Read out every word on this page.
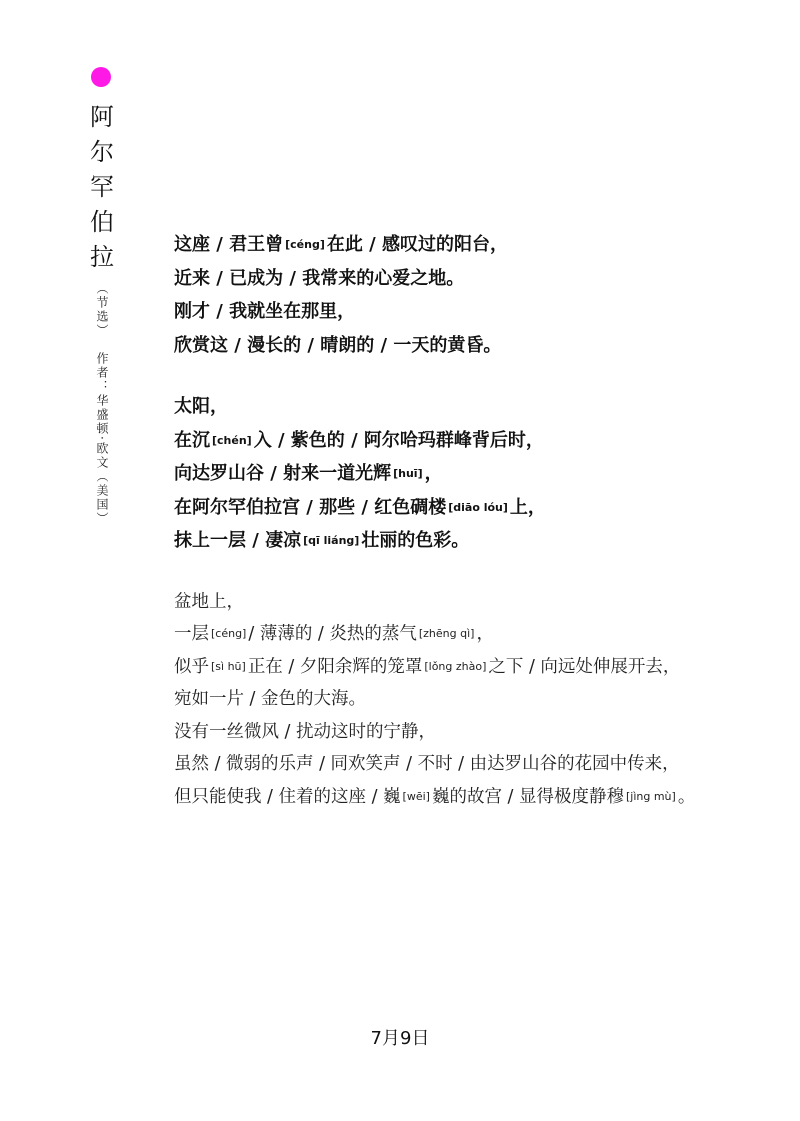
阿
尔
罕
伯
拉
（节选）作者：华盛顿·欧文（美国）
这座 / 君王曾 [céng] 在此 / 感叹过的阳台，
近来 / 已成为 / 我常来的心爱之地。
刚才 / 我就坐在那里，
欣赏这 / 漫长的 / 晴朗的 / 一天的黄昏。
太阳，
在沉 [chén] 入 / 紫色的 / 阿尔哈玛群峰背后时，
向达罗山谷 / 射来一道光辉 [huī] ，
在阿尔罕伯拉宫 / 那些 / 红色碉楼 [diāo lóu] 上，
抹上一层 / 凄凉 [qī liáng] 壮丽的色彩。
盆地上，
一层 [céng] / 薄薄的 / 炎热的蒸气 [zhēng qì] ，
似乎 [sì hū] 正在 / 夕阳余辉的笼罩 [lǒng zhào] 之下 / 向远处伸展开去，
宛如一片 / 金色的大海。
没有一丝微风 / 扰动这时的宁静，
虽然 / 微弱的乐声 / 同欢笑声 / 不时 / 由达罗山谷的花园中传来，
但只能使我 / 住着的这座 / 巍 [wēi] 巍的故宫 / 显得极度静穆 [jìng mù] 。
7月9日
